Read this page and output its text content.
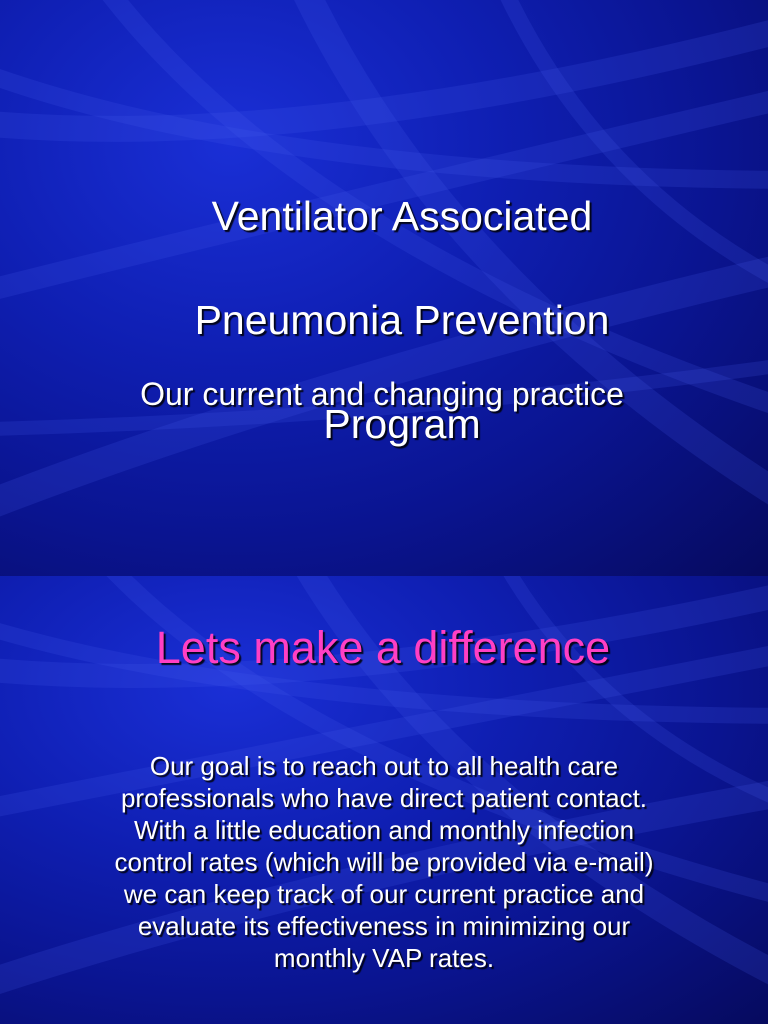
Ventilator Associated

Pneumonia Prevention

Program

Our current and changing practice

Lets make a difference

Our goal is to reach out to all health care
professionals who have direct patient contact.
With a little education and monthly infection
control rates (which will be provided via e-mail)
we can keep track of our current practice and
evaluate its effectiveness in minimizing our
monthly VAP rates.
